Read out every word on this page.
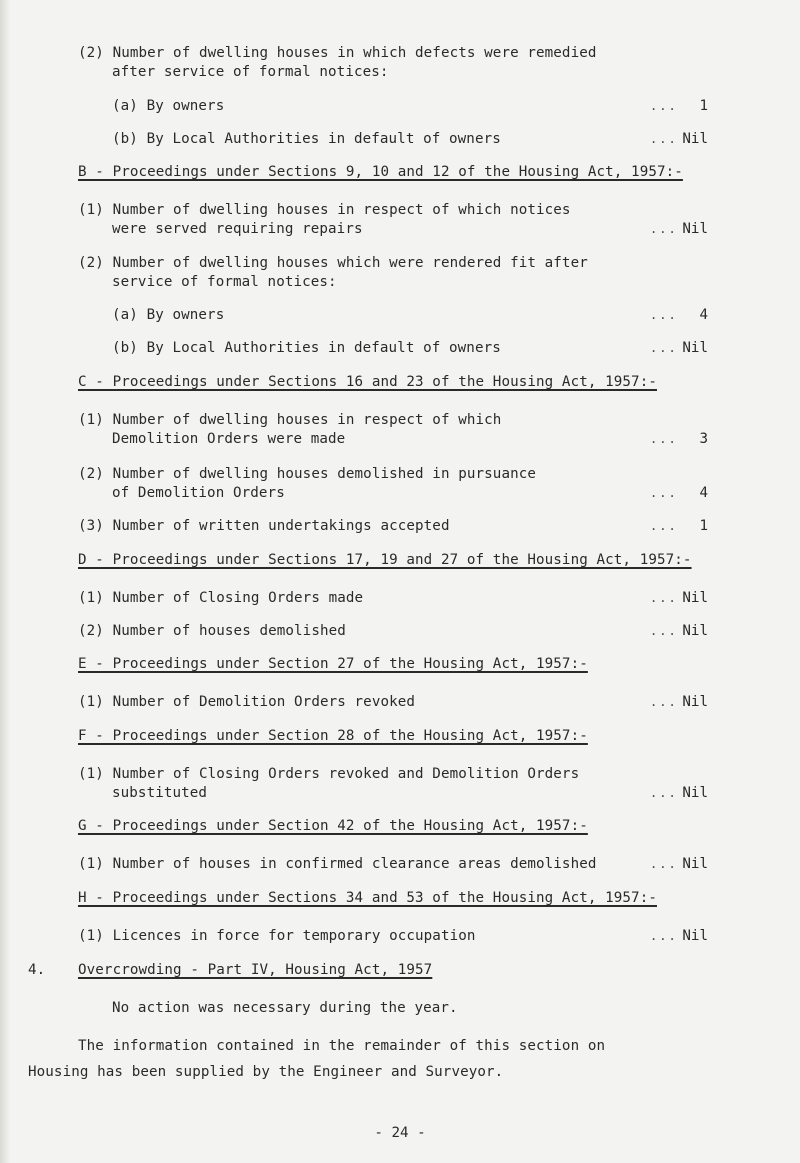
(2) Number of dwelling houses in which defects were remedied
after service of formal notices:
(a) By owners	... 1
(b) By Local Authorities in default of owners	... Nil
B - Proceedings under Sections 9, 10 and 12 of the Housing Act, 1957:-
(1) Number of dwelling houses in respect of which notices
were served requiring repairs	... Nil
(2) Number of dwelling houses which were rendered fit after
service of formal notices:
(a) By owners	... 4
(b) By Local Authorities in default of owners	... Nil
C - Proceedings under Sections 16 and 23 of the Housing Act, 1957:-
(1) Number of dwelling houses in respect of which
Demolition Orders were made	... 3
(2) Number of dwelling houses demolished in pursuance
of Demolition Orders	... 4
(3) Number of written undertakings accepted	... 1
D - Proceedings under Sections 17, 19 and 27 of the Housing Act, 1957:-
(1) Number of Closing Orders made	... Nil
(2) Number of houses demolished	... Nil
E - Proceedings under Section 27 of the Housing Act, 1957:-
(1) Number of Demolition Orders revoked	... Nil
F - Proceedings under Section 28 of the Housing Act, 1957:-
(1) Number of Closing Orders revoked and Demolition Orders
substituted	... Nil
G - Proceedings under Section 42 of the Housing Act, 1957:-
(1) Number of houses in confirmed clearance areas demolished	... Nil
H - Proceedings under Sections 34 and 53 of the Housing Act, 1957:-
(1) Licences in force for temporary occupation	... Nil
4. Overcrowding - Part IV, Housing Act, 1957
No action was necessary during the year.
The information contained in the remainder of this section on
Housing has been supplied by the Engineer and Surveyor.
- 24 -
